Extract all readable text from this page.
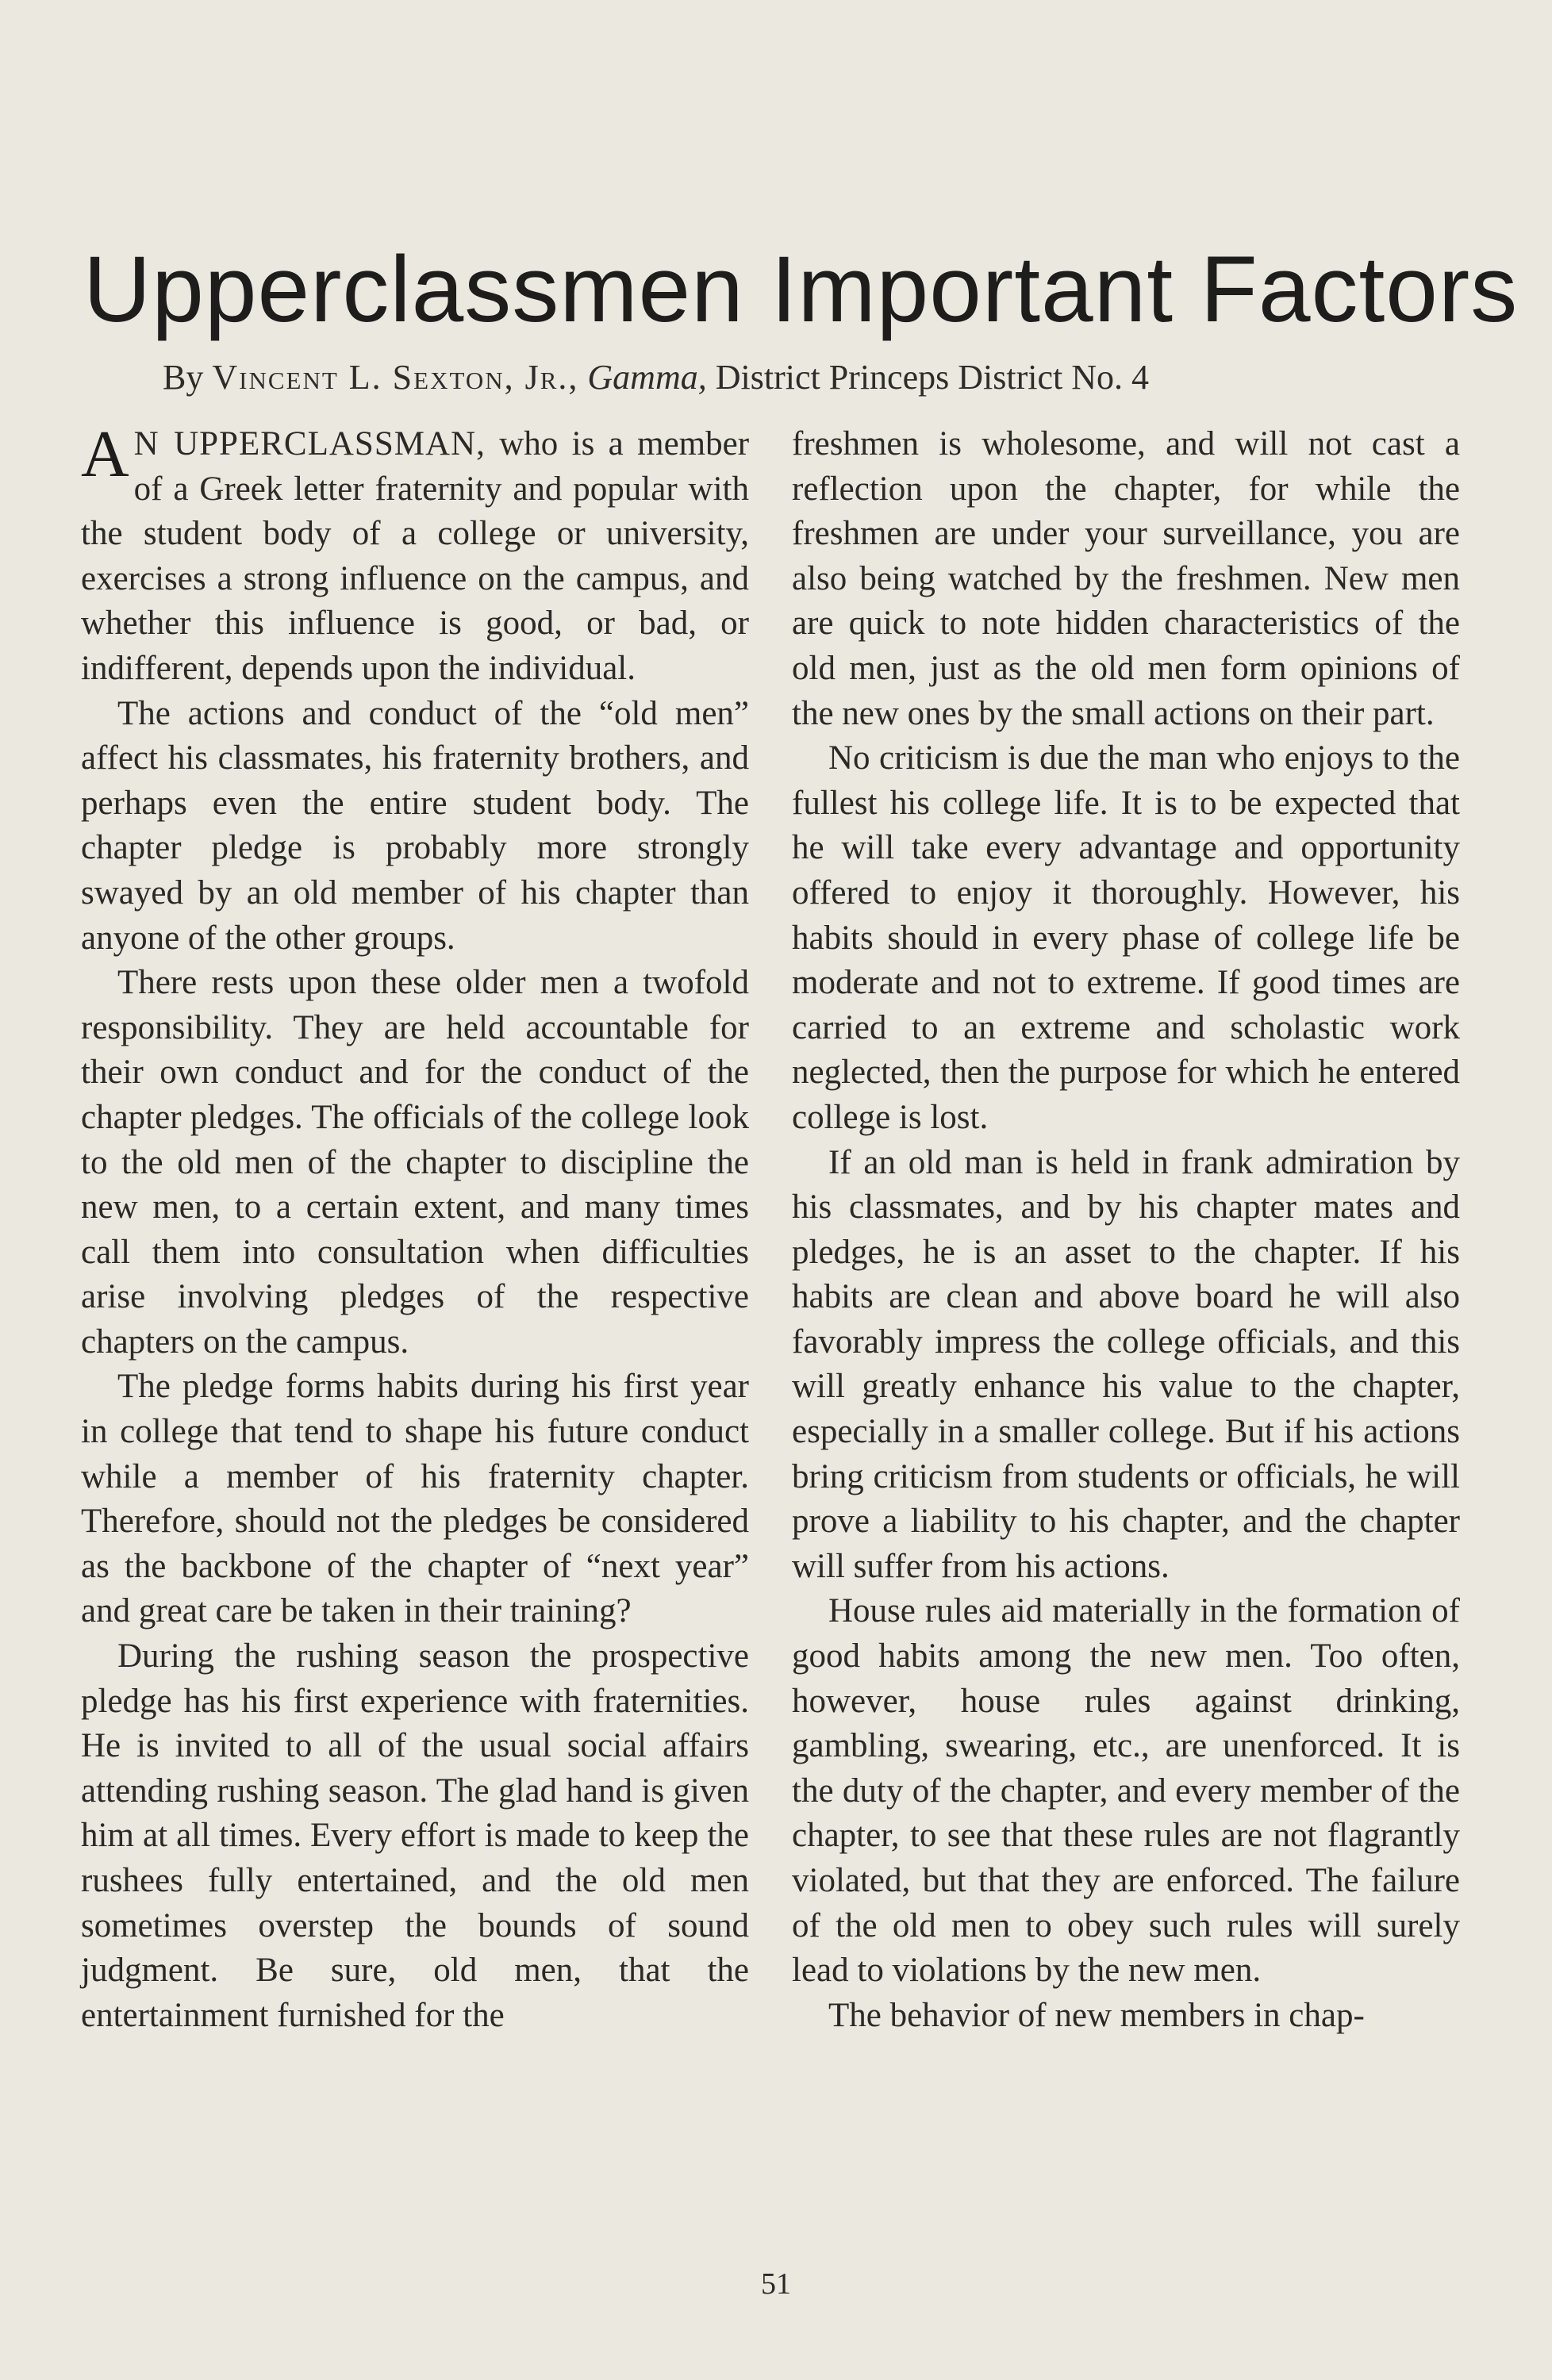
Upperclassmen Important Factors
By Vincent L. Sexton, Jr., Gamma, District Princeps District No. 4

A N UPPERCLASSMAN, who is a member of a Greek letter fraternity and popular with the student body of a college or university, exercises a strong influence on the campus, and whether this influence is good, or bad, or indifferent, depends upon the individual.

The actions and conduct of the “old men” affect his classmates, his fraternity brothers, and perhaps even the entire student body. The chapter pledge is probably more strongly swayed by an old member of his chapter than anyone of the other groups.

There rests upon these older men a twofold responsibility. They are held accountable for their own conduct and for the conduct of the chapter pledges. The officials of the college look to the old men of the chapter to discipline the new men, to a certain extent, and many times call them into consultation when difficulties arise involving pledges of the respective chapters on the campus.

The pledge forms habits during his first year in college that tend to shape his future conduct while a member of his fraternity chapter. Therefore, should not the pledges be considered as the backbone of the chapter of “next year” and great care be taken in their training?

During the rushing season the prospective pledge has his first experience with fraternities. He is invited to all of the usual social affairs attending rushing season. The glad hand is given him at all times. Every effort is made to keep the rushees fully entertained, and the old men sometimes overstep the bounds of sound judgment. Be sure, old men, that the entertainment furnished for the

freshmen is wholesome, and will not cast a reflection upon the chapter, for while the freshmen are under your surveillance, you are also being watched by the freshmen. New men are quick to note hidden characteristics of the old men, just as the old men form opinions of the new ones by the small actions on their part.

No criticism is due the man who enjoys to the fullest his college life. It is to be expected that he will take every advantage and opportunity offered to enjoy it thoroughly. However, his habits should in every phase of college life be moderate and not to extreme. If good times are carried to an extreme and scholastic work neglected, then the purpose for which he entered college is lost.

If an old man is held in frank admiration by his classmates, and by his chapter mates and pledges, he is an asset to the chapter. If his habits are clean and above board he will also favorably impress the college officials, and this will greatly enhance his value to the chapter, especially in a smaller college. But if his actions bring criticism from students or officials, he will prove a liability to his chapter, and the chapter will suffer from his actions.

House rules aid materially in the formation of good habits among the new men. Too often, however, house rules against drinking, gambling, swearing, etc., are unenforced. It is the duty of the chapter, and every member of the chapter, to see that these rules are not flagrantly violated, but that they are enforced. The failure of the old men to obey such rules will surely lead to violations by the new men.

The behavior of new members in chap-

51
